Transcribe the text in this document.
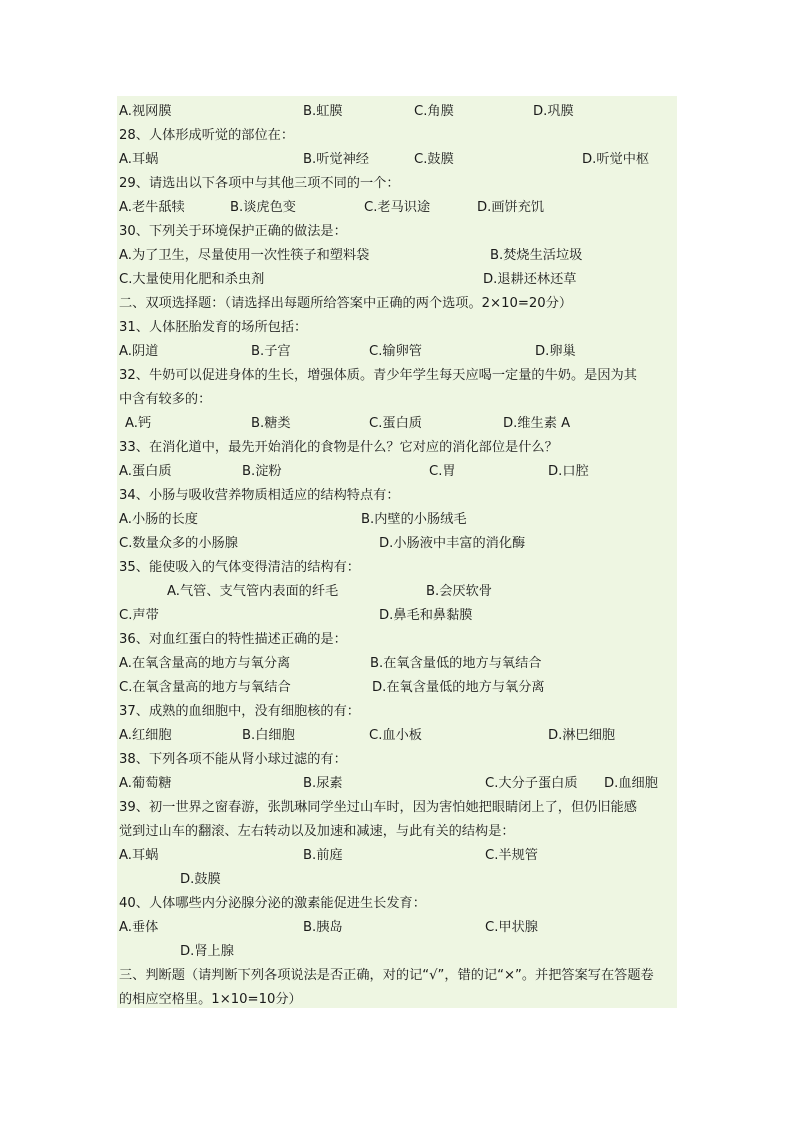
A.视网膜	B.虹膜	C.角膜	D.巩膜
28、人体形成听觉的部位在：
A.耳蜗	B.听觉神经	C.鼓膜	D.听觉中枢
29、请选出以下各项中与其他三项不同的一个：
A.老牛舐犊	B.谈虎色变	C.老马识途	D.画饼充饥
30、下列关于环境保护正确的做法是：
A.为了卫生，尽量使用一次性筷子和塑料袋	B.焚烧生活垃圾
C.大量使用化肥和杀虫剂	D.退耕还林还草
二、双项选择题：（请选择出每题所给答案中正确的两个选项。2×10=20分）
31、人体胚胎发育的场所包括：
A.阴道	B.子宫	C.输卵管	D.卵巢
32、牛奶可以促进身体的生长，增强体质。青少年学生每天应喝一定量的牛奶。是因为其
中含有较多的：
A.钙	B.糖类	C.蛋白质	D.维生素 A
33、在消化道中，最先开始消化的食物是什么？它对应的消化部位是什么？
A.蛋白质	B.淀粉	C.胃	D.口腔
34、小肠与吸收营养物质相适应的结构特点有：
A.小肠的长度	B.内壁的小肠绒毛
C.数量众多的小肠腺	D.小肠液中丰富的消化酶
35、能使吸入的气体变得清洁的结构有：
A.气管、支气管内表面的纤毛	B.会厌软骨
C.声带	D.鼻毛和鼻黏膜
36、对血红蛋白的特性描述正确的是：
A.在氧含量高的地方与氧分离	B.在氧含量低的地方与氧结合
C.在氧含量高的地方与氧结合	D.在氧含量低的地方与氧分离
37、成熟的血细胞中，没有细胞核的有：
A.红细胞	B.白细胞	C.血小板	D.淋巴细胞
38、下列各项不能从肾小球过滤的有：
A.葡萄糖	B.尿素	C.大分子蛋白质 D.血细胞
39、初一世界之窗春游，张凯琳同学坐过山车时，因为害怕她把眼睛闭上了，但仍旧能感
觉到过山车的翻滚、左右转动以及加速和减速，与此有关的结构是：
A.耳蜗	B.前庭	C.半规管
D.鼓膜
40、人体哪些内分泌腺分泌的激素能促进生长发育：
A.垂体	B.胰岛	C.甲状腺
D.肾上腺
三、判断题（请判断下列各项说法是否正确，对的记“√”，错的记“×”。并把答案写在答题卷
的相应空格里。1×10=10分）
